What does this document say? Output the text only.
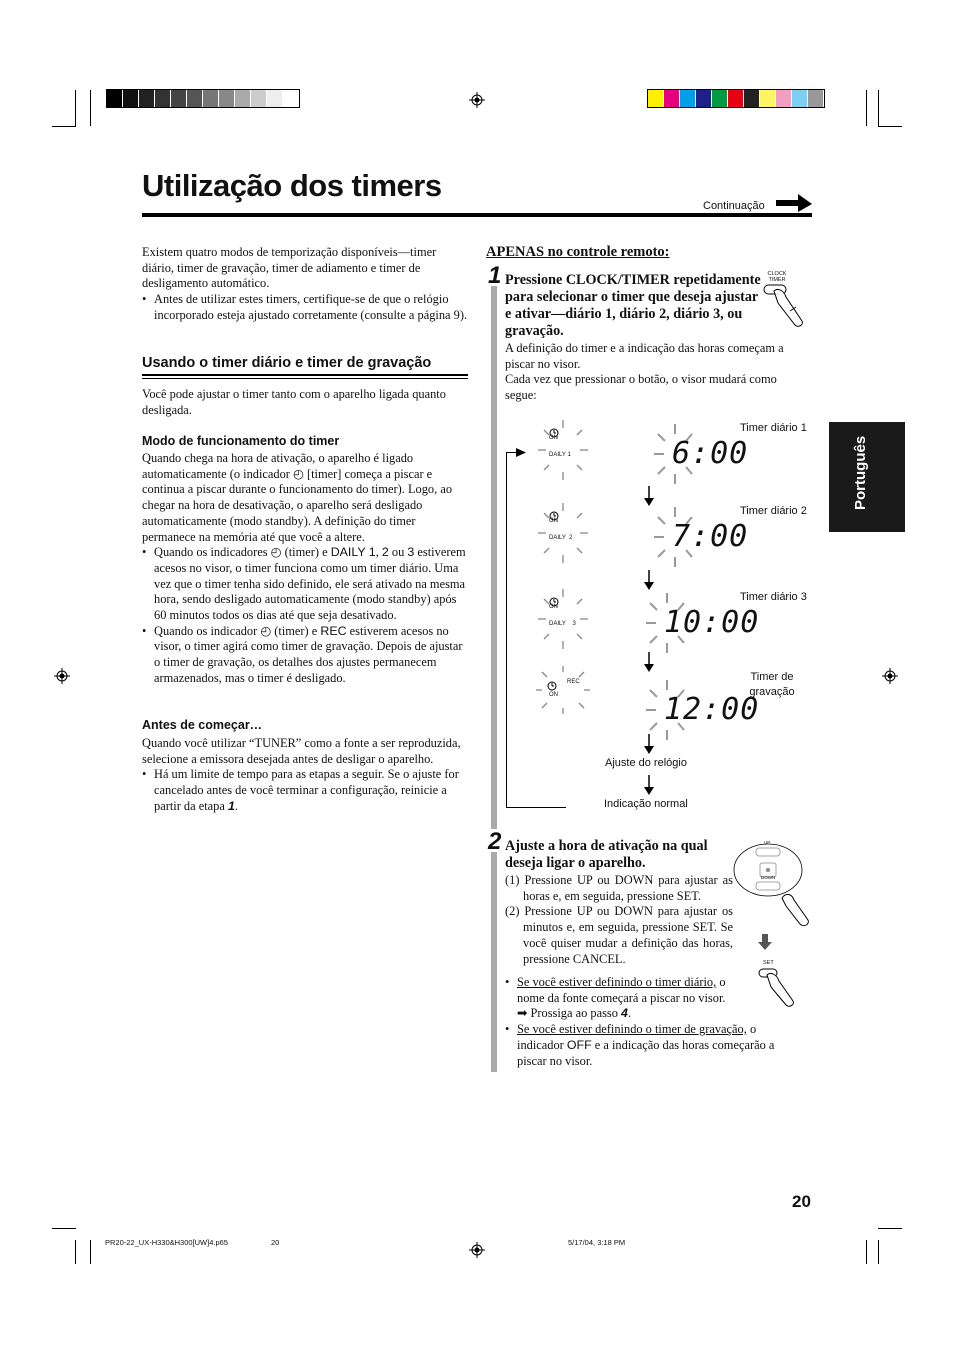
Utilização dos timers
Continuação
Português
Existem quatro modos de temporização disponíveis—timer diário, timer de gravação, timer de adiamento e timer de desligamento automático.
• Antes de utilizar estes timers, certifique-se de que o relógio incorporado esteja ajustado corretamente (consulte a página 9).
Usando o timer diário e timer de gravação
Você pode ajustar o timer tanto com o aparelho ligada quanto desligada.
Modo de funcionamento do timer
Quando chega na hora de ativação, o aparelho é ligado automaticamente (o indicador ◴ [timer] começa a piscar e continua a piscar durante o funcionamento do timer). Logo, ao chegar na hora de desativação, o aparelho será desligado automaticamente (modo standby). A definição do timer permanece na memória até que você a altere.
• Quando os indicadores ◴ (timer) e DAILY 1, 2 ou 3 estiverem acesos no visor, o timer funciona como um timer diário. Uma vez que o timer tenha sido definido, ele será ativado na mesma hora, sendo desligado automaticamente (modo standby) após 60 minutos todos os dias até que seja desativado.
• Quando os indicador ◴ (timer) e REC estiverem acesos no visor, o timer agirá como timer de gravação. Depois de ajustar o timer de gravação, os detalhes dos ajustes permanecem armazenados, mas o timer é desligado.
Antes de começar…
Quando você utilizar “TUNER” como a fonte a ser reproduzida, selecione a emissora desejada antes de desligar o aparelho.
• Há um limite de tempo para as etapas a seguir. Se o ajuste for cancelado antes de você terminar a configuração, reinicie a partir da etapa 1.
APENAS no controle remoto:
1 Pressione CLOCK/TIMER repetidamente para selecionar o timer que deseja ajustar e ativar—diário 1, diário 2, diário 3, ou gravação.
A definição do timer e a indicação das horas começam a piscar no visor.
Cada vez que pressionar o botão, o visor mudará como segue:
CLOCK TIMER
ON
DAILY 1	6:00
Timer diário 1
ON
DAILY  2	7:00
Timer diário 2
ON
DAILY    3	10:00
Timer diário 3
REC
ON	12:00
Timer de gravação
Ajuste do relógio
Indicação normal
2 Ajuste a hora de ativação na qual deseja ligar o aparelho.
(1) Pressione UP ou DOWN para ajustar as horas e, em seguida, pressione SET.
(2) Pressione UP ou DOWN para ajustar os minutos e, em seguida, pressione SET. Se você quiser mudar a definição das horas, pressione CANCEL.
UP
DOWN
SET
• Se você estiver definindo o timer diário, o nome da fonte começará a piscar no visor.
➡ Prossiga ao passo 4.
• Se você estiver definindo o timer de gravação, o indicador OFF e a indicação das horas começarão a piscar no visor.
20
PR20-22_UX-H330&H300[UW]4.p65	20	5/17/04, 3:18 PM
